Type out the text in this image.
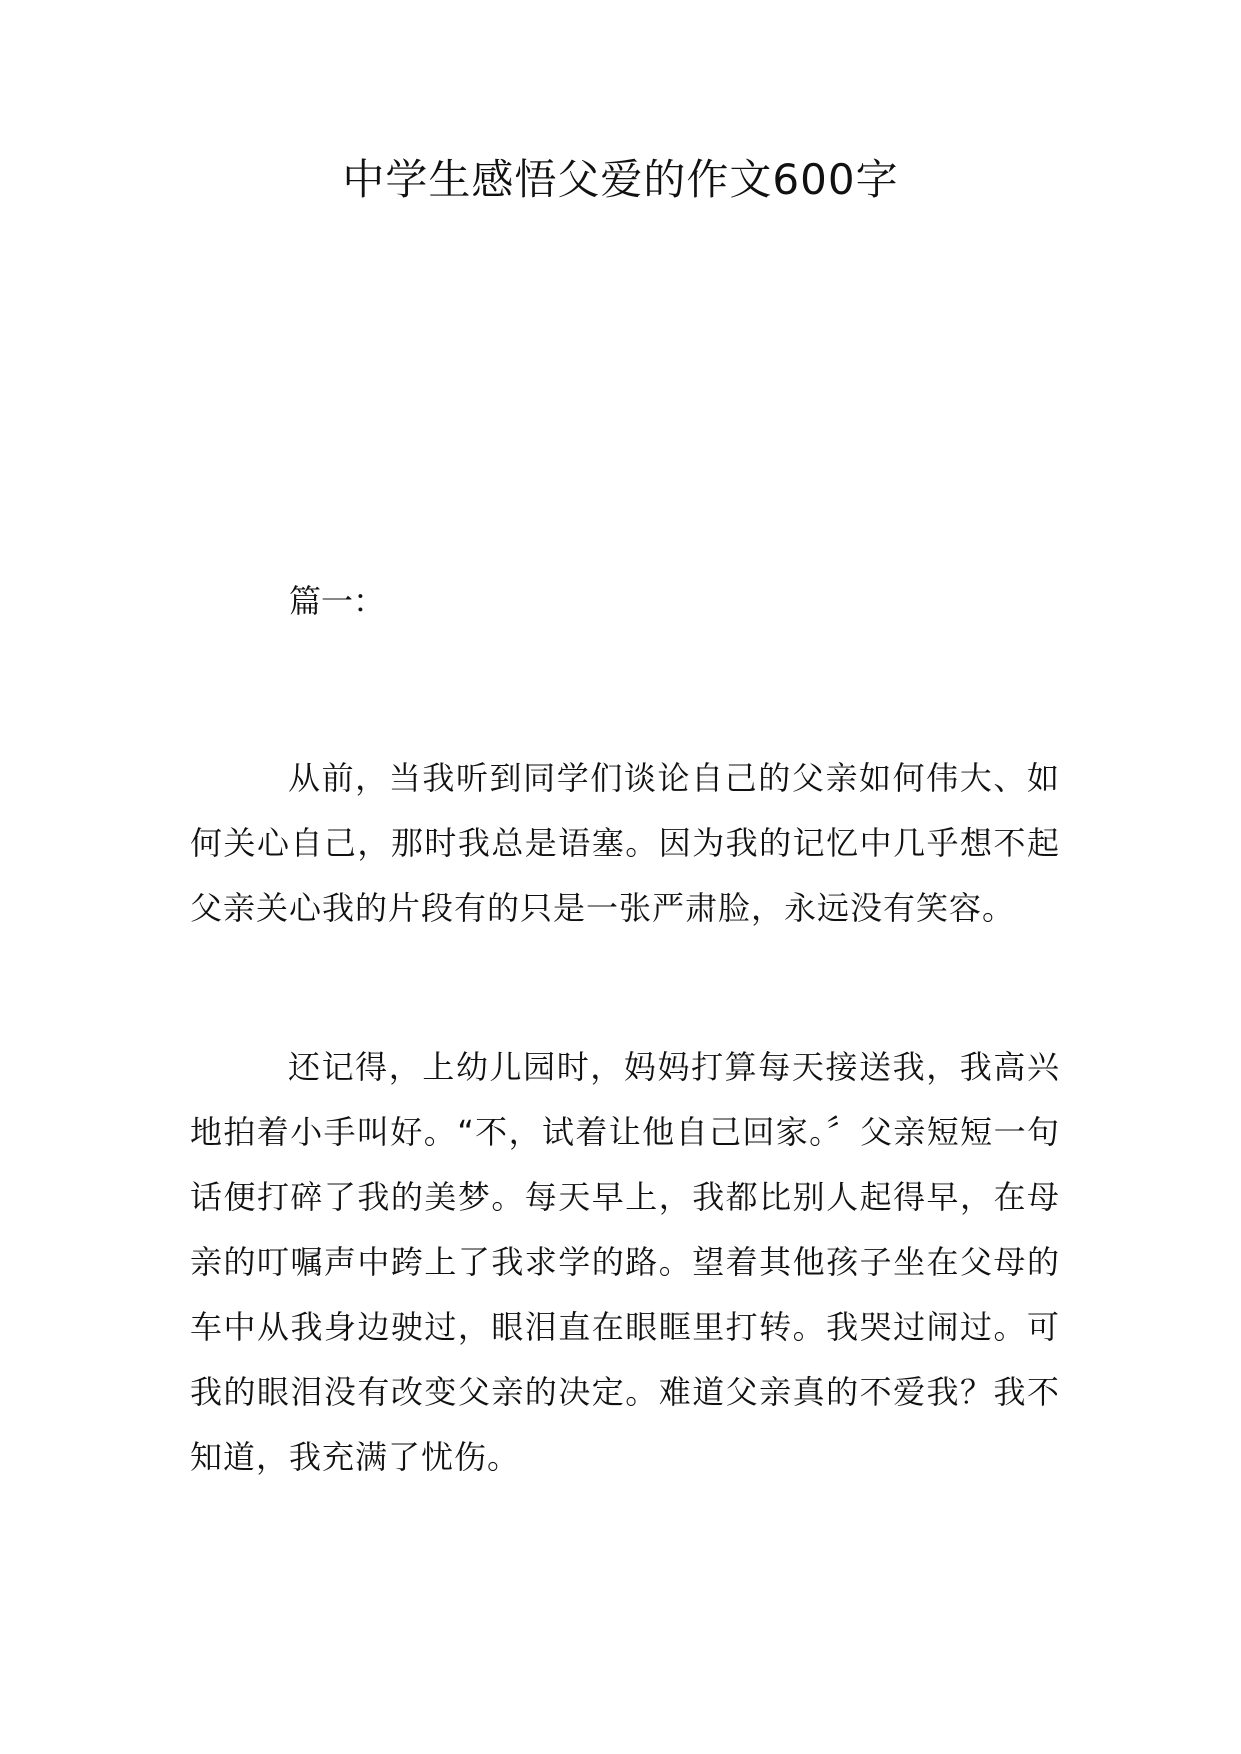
中学生感悟父爱的作文600字

篇一：

从前，当我听到同学们谈论自己的父亲如何伟大、如何关心自己，那时我总是语塞。因为我的记忆中几乎想不起父亲关心我的片段有的只是一张严肃脸，永远没有笑容。

还记得，上幼儿园时，妈妈打算每天接送我，我高兴地拍着小手叫好。“不，试着让他自己回家。〞父亲短短一句话便打碎了我的美梦。每天早上，我都比别人起得早，在母亲的叮嘱声中跨上了我求学的路。望着其他孩子坐在父母的车中从我身边驶过，眼泪直在眼眶里打转。我哭过闹过。可我的眼泪没有改变父亲的决定。难道父亲真的不爱我？我不知道，我充满了忧伤。
